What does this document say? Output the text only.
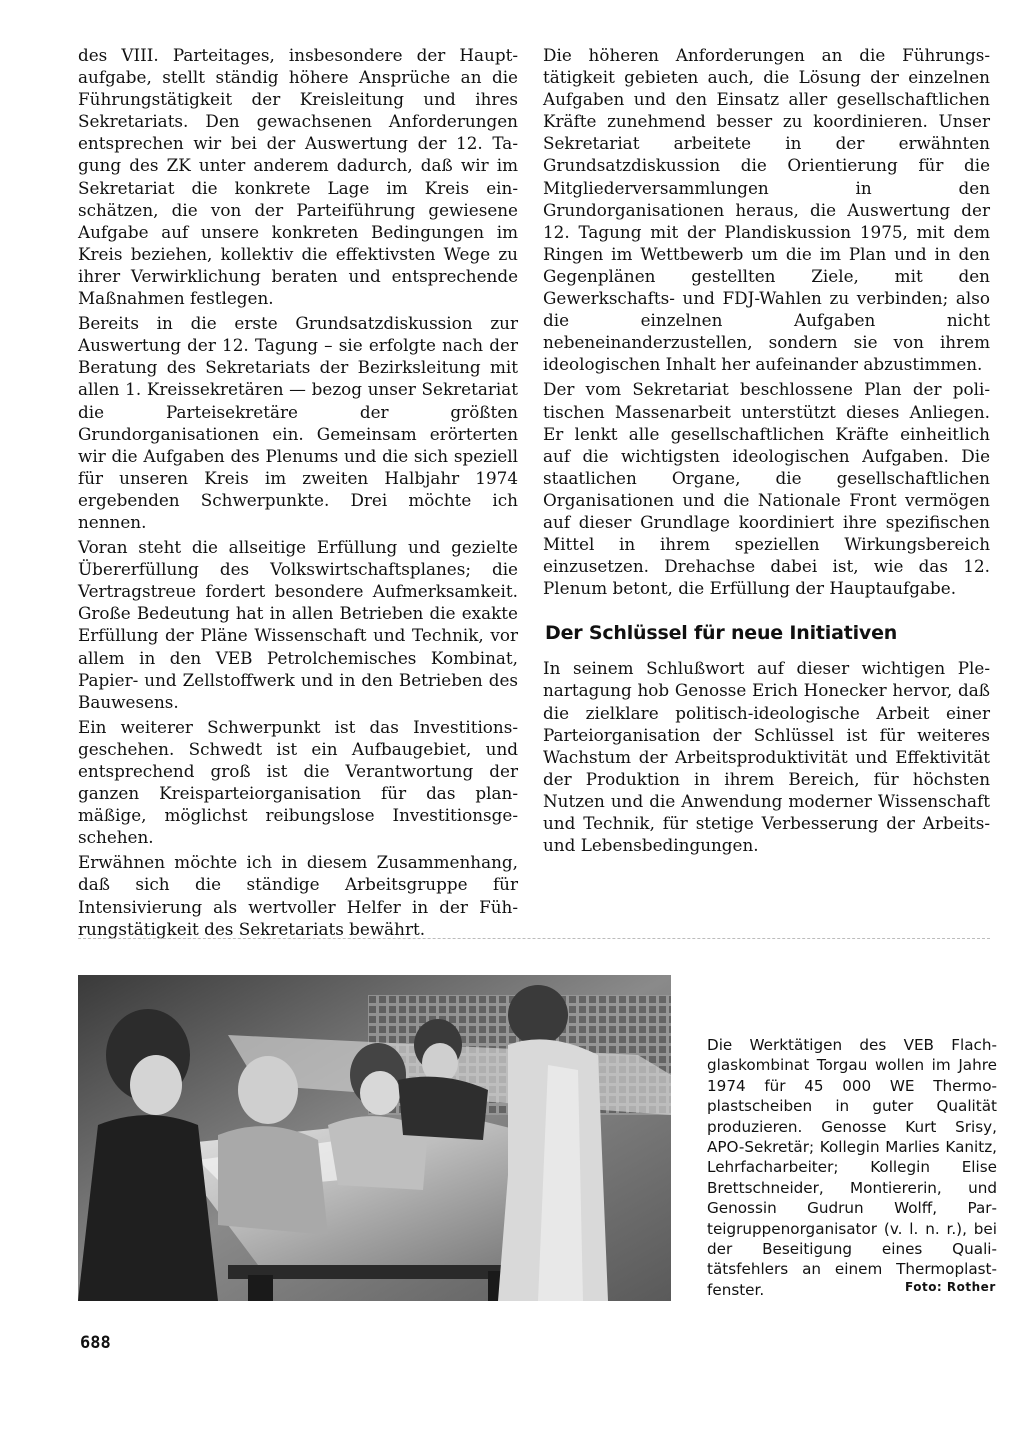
des VIII. Parteitages, insbesondere der Hauptaufgabe, stellt ständig höhere Ansprüche an die Führungstätigkeit der Kreisleitung und ihres Sekretariats. Den gewachsenen Anforderungen entsprechen wir bei der Auswertung der 12. Tagung des ZK unter anderem dadurch, daß wir im Sekretariat die konkrete Lage im Kreis einschätzen, die von der Parteiführung gewiesene Aufgabe auf unsere konkreten Bedingungen im Kreis beziehen, kollektiv die effektivsten Wege zu ihrer Verwirklichung beraten und entsprechende Maßnahmen festlegen.

Bereits in die erste Grundsatzdiskussion zur Auswertung der 12. Tagung – sie erfolgte nach der Beratung des Sekretariats der Bezirksleitung mit allen 1. Kreissekretären — bezog unser Sekretariat die Parteisekretäre der größten Grundorganisationen ein. Gemeinsam erörterten wir die Aufgaben des Plenums und die sich speziell für unseren Kreis im zweiten Halbjahr 1974 ergebenden Schwerpunkte. Drei möchte ich nennen.

Voran steht die allseitige Erfüllung und gezielte Übererfüllung des Volkswirtschaftsplanes; die Vertragstreue fordert besondere Aufmerksamkeit. Große Bedeutung hat in allen Betrieben die exakte Erfüllung der Pläne Wissenschaft und Technik, vor allem in den VEB Petrolchemisches Kombinat, Papier- und Zellstoffwerk und in den Betrieben des Bauwesens.

Ein weiterer Schwerpunkt ist das Investitionsgeschehen. Schwedt ist ein Aufbaugebiet, und entsprechend groß ist die Verantwortung der ganzen Kreisparteiorganisation für das planmäßige, möglichst reibungslose Investitionsgeschehen.

Erwähnen möchte ich in diesem Zusammenhang, daß sich die ständige Arbeitsgruppe für Intensivierung als wertvoller Helfer in der Führungstätigkeit des Sekretariats bewährt.

Die höheren Anforderungen an die Führungstätigkeit gebieten auch, die Lösung der einzelnen Aufgaben und den Einsatz aller gesellschaftlichen Kräfte zunehmend besser zu koordinieren. Unser Sekretariat arbeitete in der erwähnten Grundsatzdiskussion die Orientierung für die Mitgliederversammlungen in den Grundorganisationen heraus, die Auswertung der 12. Tagung mit der Plandiskussion 1975, mit dem Ringen im Wettbewerb um die im Plan und in den Gegenplänen gestellten Ziele, mit den Gewerkschafts- und FDJ-Wahlen zu verbinden; also die einzelnen Aufgaben nicht nebeneinanderzustellen, sondern sie von ihrem ideologischen Inhalt her aufeinander abzustimmen.

Der vom Sekretariat beschlossene Plan der politischen Massenarbeit unterstützt dieses Anliegen. Er lenkt alle gesellschaftlichen Kräfte einheitlich auf die wichtigsten ideologischen Aufgaben. Die staatlichen Organe, die gesellschaftlichen Organisationen und die Nationale Front vermögen auf dieser Grundlage koordiniert ihre spezifischen Mittel in ihrem speziellen Wirkungsbereich einzusetzen. Drehachse dabei ist, wie das 12. Plenum betont, die Erfüllung der Hauptaufgabe.

Der Schlüssel für neue Initiativen

In seinem Schlußwort auf dieser wichtigen Plenartagung hob Genosse Erich Honecker hervor, daß die zielklare politisch-ideologische Arbeit einer Parteiorganisation der Schlüssel ist für weiteres Wachstum der Arbeitsproduktivität und Effektivität der Produktion in ihrem Bereich, für höchsten Nutzen und die Anwendung moderner Wissenschaft und Technik, für stetige Verbesserung der Arbeits- und Lebensbedingungen.

Die Werktätigen des VEB Flachglaskombinat Torgau wollen im Jahre 1974 für 45 000 WE Thermoplastscheiben in guter Qualität produzieren. Genosse Kurt Srisy, APO-Sekretär; Kollegin Marlies Kanitz, Lehrfacharbeiter; Kollegin Elise Brettschneider, Montiererin, und Genossin Gudrun Wolff, Parteigruppenorganisator (v. l. n. r.), bei der Beseitigung eines Qualitätsfehlers an einem Thermoplastfenster.	Foto: Rother
688
